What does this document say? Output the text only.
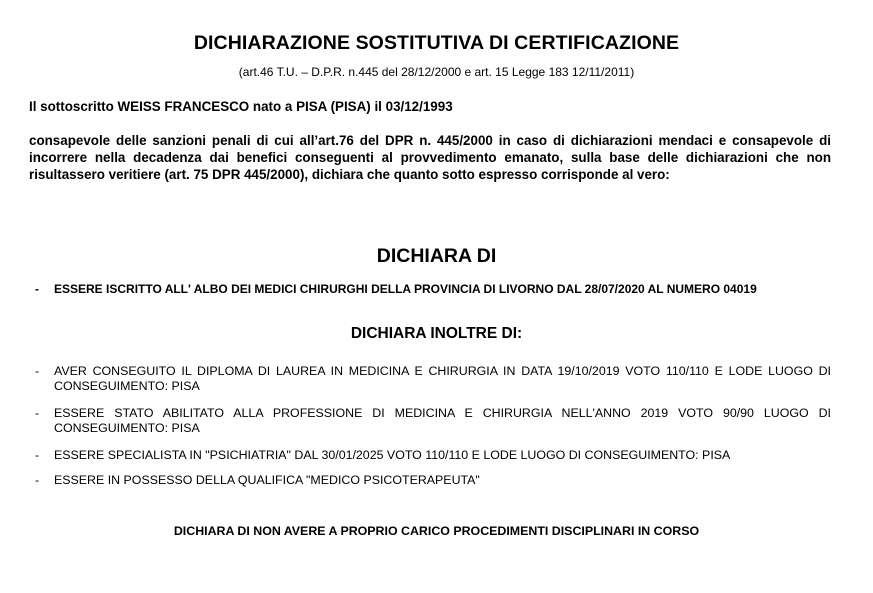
DICHIARAZIONE SOSTITUTIVA DI CERTIFICAZIONE
(art.46 T.U. – D.P.R. n.445 del 28/12/2000 e art. 15 Legge 183 12/11/2011)
Il sottoscritto WEISS FRANCESCO nato a PISA (PISA) il 03/12/1993
consapevole delle sanzioni penali di cui all’art.76 del DPR n. 445/2000 in caso di dichiarazioni mendaci e consapevole di incorrere nella decadenza dai benefici conseguenti al provvedimento emanato, sulla base delle dichiarazioni che non risultassero veritiere (art. 75 DPR 445/2000), dichiara che quanto sotto espresso corrisponde al vero:
DICHIARA DI
-	ESSERE ISCRITTO ALL' ALBO DEI MEDICI CHIRURGHI DELLA PROVINCIA DI LIVORNO DAL 28/07/2020 AL NUMERO 04019
DICHIARA INOLTRE DI:
- AVER CONSEGUITO IL DIPLOMA DI LAUREA IN MEDICINA E CHIRURGIA IN DATA 19/10/2019 VOTO 110/110 E LODE LUOGO DI CONSEGUIMENTO: PISA
- ESSERE STATO ABILITATO ALLA PROFESSIONE DI MEDICINA E CHIRURGIA NELL'ANNO 2019 VOTO 90/90 LUOGO DI CONSEGUIMENTO: PISA
- ESSERE SPECIALISTA IN "PSICHIATRIA" DAL 30/01/2025 VOTO 110/110 E LODE LUOGO DI CONSEGUIMENTO: PISA
- ESSERE IN POSSESSO DELLA QUALIFICA "MEDICO PSICOTERAPEUTA"
DICHIARA DI NON AVERE A PROPRIO CARICO PROCEDIMENTI DISCIPLINARI IN CORSO
